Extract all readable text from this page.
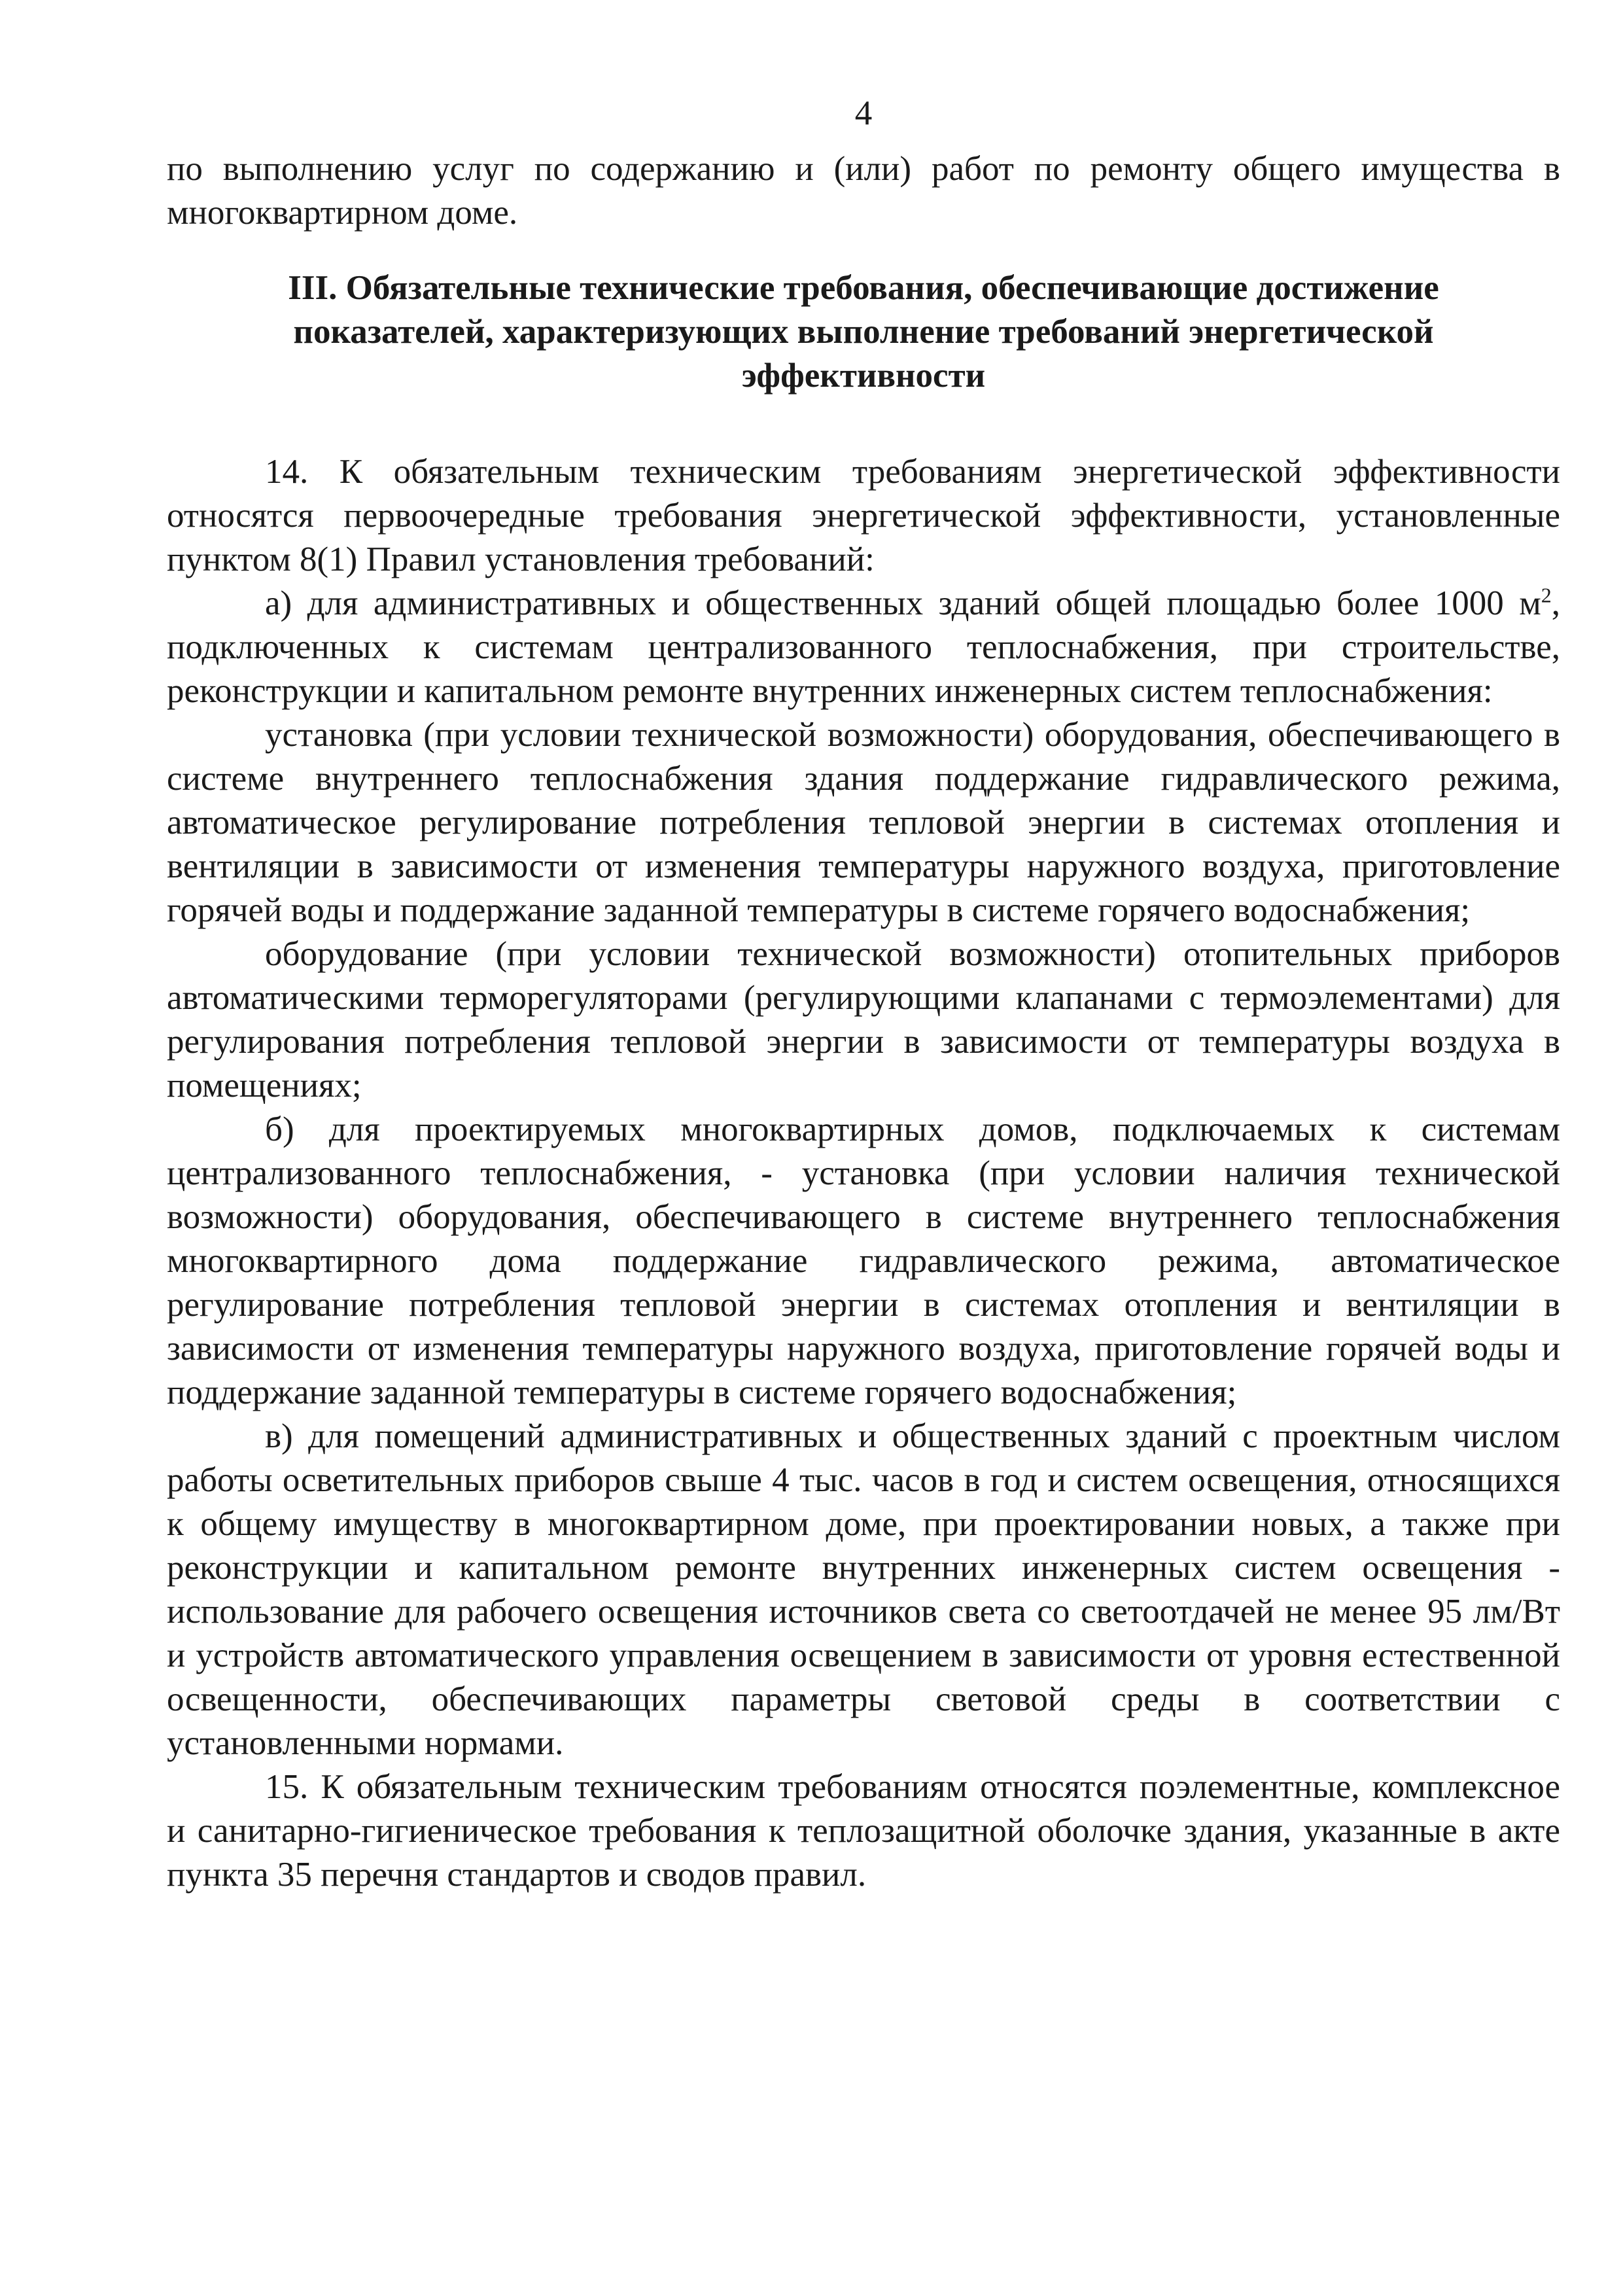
4

по выполнению услуг по содержанию и (или) работ по ремонту общего имущества в многоквартирном доме.

III. Обязательные технические требования, обеспечивающие достижение показателей, характеризующих выполнение требований энергетической эффективности

14. К обязательным техническим требованиям энергетической эффективности относятся первоочередные требования энергетической эффективности, установленные пунктом 8(1) Правил установления требований:

а) для административных и общественных зданий общей площадью более 1000 $м^2$, подключенных к системам централизованного теплоснабжения, при строительстве, реконструкции и капитальном ремонте внутренних инженерных систем теплоснабжения:

установка (при условии технической возможности) оборудования, обеспечивающего в системе внутреннего теплоснабжения здания поддержание гидравлического режима, автоматическое регулирование потребления тепловой энергии в системах отопления и вентиляции в зависимости от изменения температуры наружного воздуха, приготовление горячей воды и поддержание заданной температуры в системе горячего водоснабжения;

оборудование (при условии технической возможности) отопительных приборов автоматическими терморегуляторами (регулирующими клапанами с термоэлементами) для регулирования потребления тепловой энергии в зависимости от температуры воздуха в помещениях;

б) для проектируемых многоквартирных домов, подключаемых к системам централизованного теплоснабжения, - установка (при условии наличия технической возможности) оборудования, обеспечивающего в системе внутреннего теплоснабжения многоквартирного дома поддержание гидравлического режима, автоматическое регулирование потребления тепловой энергии в системах отопления и вентиляции в зависимости от изменения температуры наружного воздуха, приготовление горячей воды и поддержание заданной температуры в системе горячего водоснабжения;

в) для помещений административных и общественных зданий с проектным числом работы осветительных приборов свыше 4 тыс. часов в год и систем освещения, относящихся к общему имуществу в многоквартирном доме, при проектировании новых, а также при реконструкции и капитальном ремонте внутренних инженерных систем освещения - использование для рабочего освещения источников света со светоотдачей не менее 95 лм/Вт и устройств автоматического управления освещением в зависимости от уровня естественной освещенности, обеспечивающих параметры световой среды в соответствии с установленными нормами.

15. К обязательным техническим требованиям относятся поэлементные, комплексное и санитарно-гигиеническое требования к теплозащитной оболочке здания, указанные в акте пункта 35 перечня стандартов и сводов правил.
